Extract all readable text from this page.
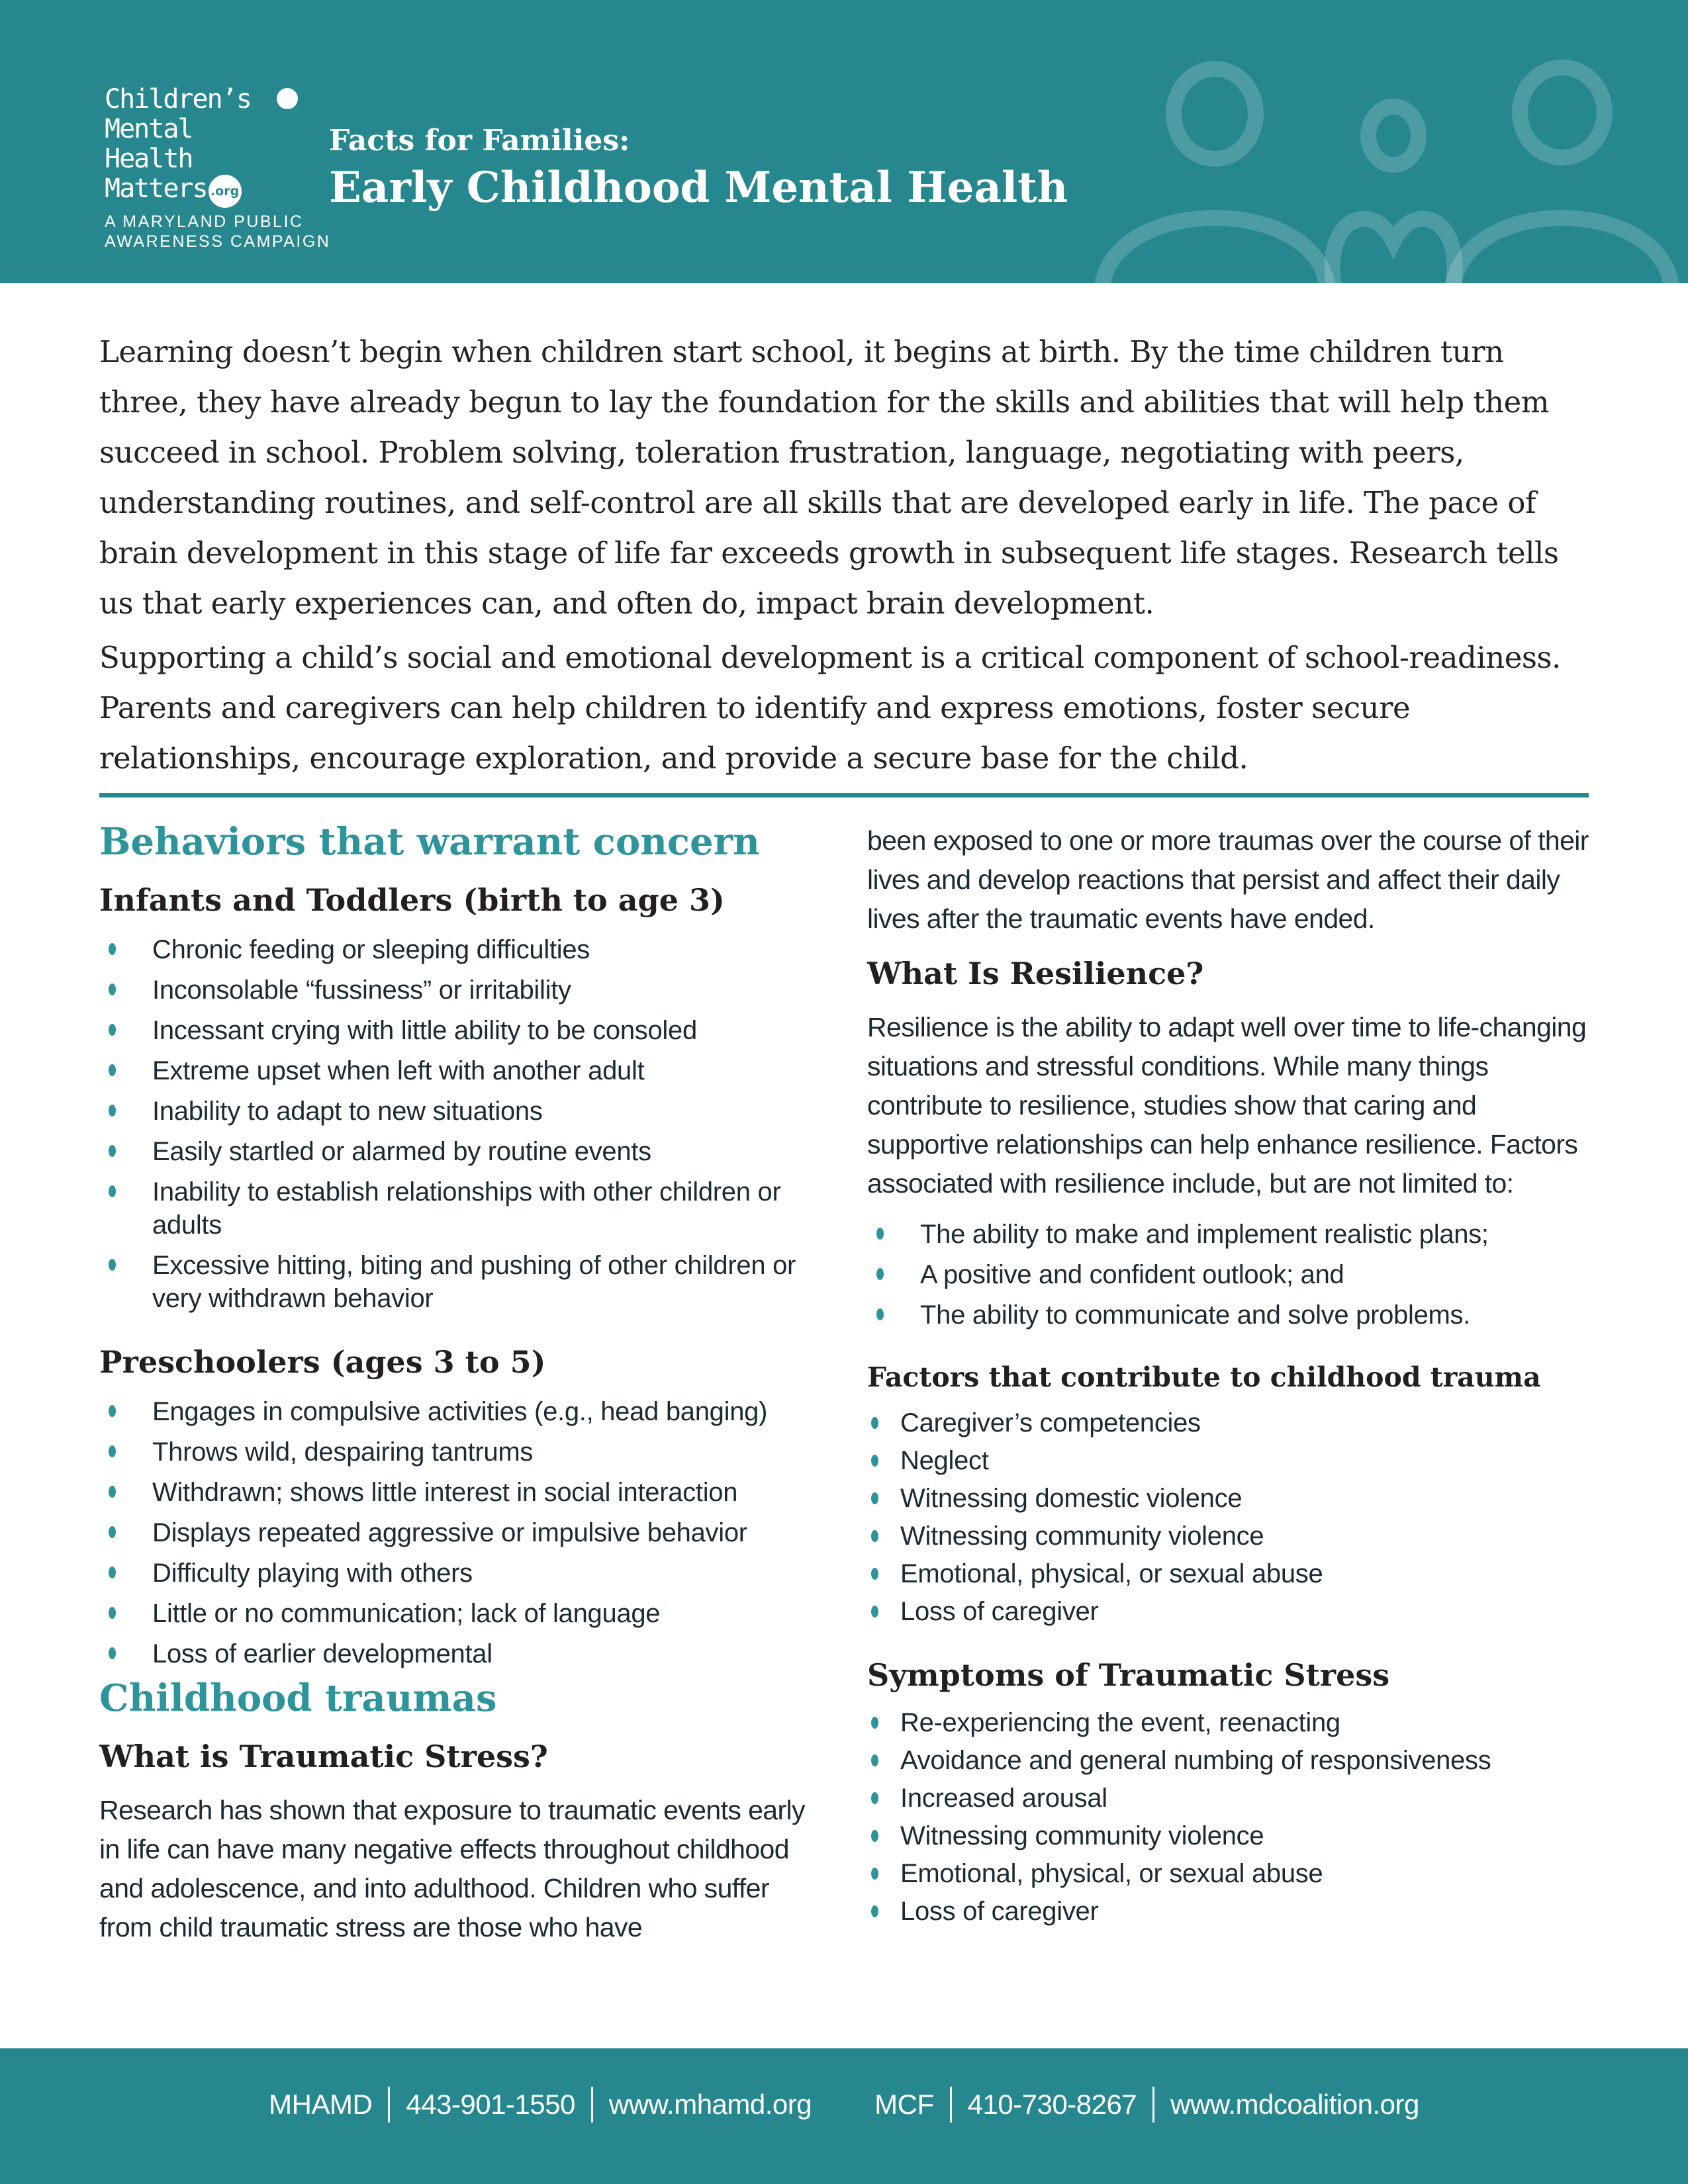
Children’s
Mental
Health
Matters .org
A MARYLAND PUBLIC
AWARENESS CAMPAIGN
Facts for Families:
Early Childhood Mental Health

Learning doesn’t begin when children start school, it begins at birth. By the time children turn three, they have already begun to lay the foundation for the skills and abilities that will help them succeed in school. Problem solving, toleration frustration, language, negotiating with peers, understanding routines, and self-control are all skills that are developed early in life. The pace of brain development in this stage of life far exceeds growth in subsequent life stages. Research tells us that early experiences can, and often do, impact brain development.

Supporting a child’s social and emotional development is a critical component of school-readiness. Parents and caregivers can help children to identify and express emotions, foster secure relationships, encourage exploration, and provide a secure base for the child.

Behaviors that warrant concern
Infants and Toddlers (birth to age 3)
Chronic feeding or sleeping difficulties
Inconsolable “fussiness” or irritability
Incessant crying with little ability to be consoled
Extreme upset when left with another adult
Inability to adapt to new situations
Easily startled or alarmed by routine events
Inability to establish relationships with other children or adults
Excessive hitting, biting and pushing of other children or very withdrawn behavior
Preschoolers (ages 3 to 5)
Engages in compulsive activities (e.g., head banging)
Throws wild, despairing tantrums
Withdrawn; shows little interest in social interaction
Displays repeated aggressive or impulsive behavior
Difficulty playing with others
Little or no communication; lack of language
Loss of earlier developmental
Childhood traumas
What is Traumatic Stress?

Research has shown that exposure to traumatic events early in life can have many negative effects throughout childhood and adolescence, and into adulthood. Children who suffer from child traumatic stress are those who have

been exposed to one or more traumas over the course of their lives and develop reactions that persist and affect their daily lives after the traumatic events have ended.

What Is Resilience?

Resilience is the ability to adapt well over time to life-changing situations and stressful conditions. While many things contribute to resilience, studies show that caring and supportive relationships can help enhance resilience. Factors associated with resilience include, but are not limited to:

The ability to make and implement realistic plans;
A positive and confident outlook; and
The ability to communicate and solve problems.
Factors that contribute to childhood trauma
Caregiver’s competencies
Neglect
Witnessing domestic violence
Witnessing community violence
Emotional, physical, or sexual abuse
Loss of caregiver
Symptoms of Traumatic Stress
Re-experiencing the event, reenacting
Avoidance and general numbing of responsiveness
Increased arousal
Witnessing community violence
Emotional, physical, or sexual abuse
Loss of caregiver
MHAMD 443-901-1550 www.mhamd.org MCF 410-730-8267 www.mdcoalition.org
